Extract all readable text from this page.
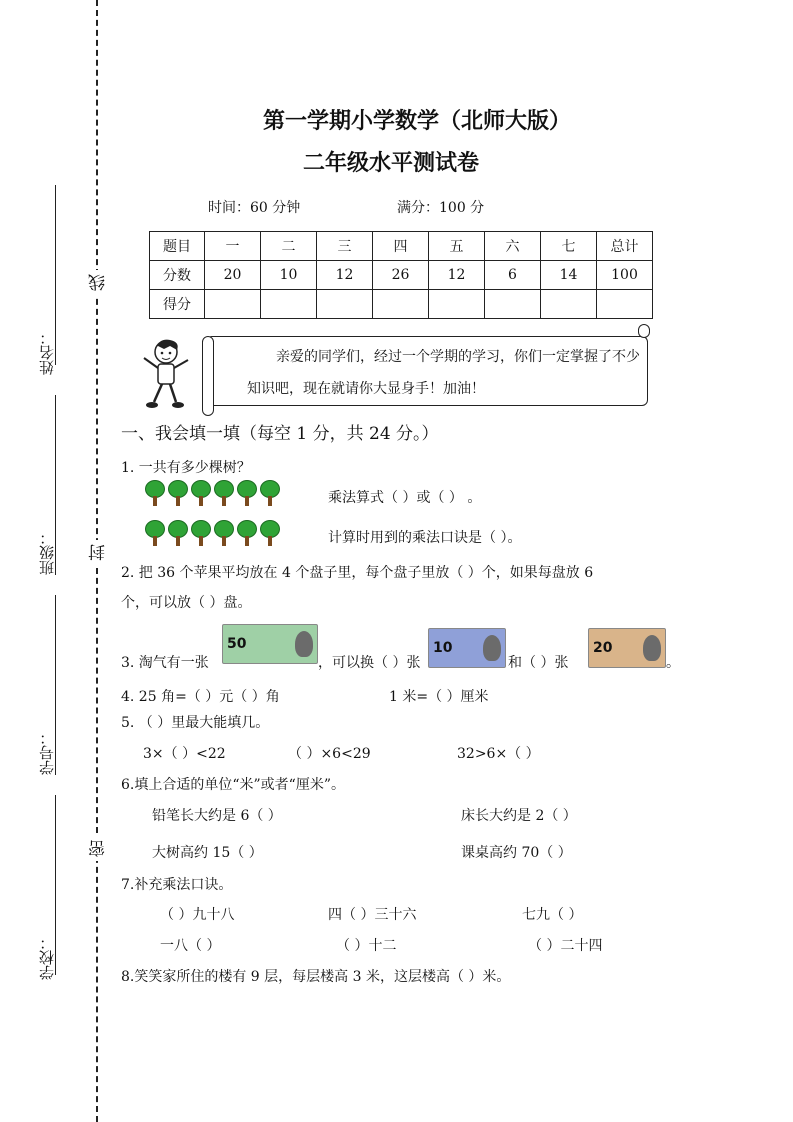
姓名：
班级：
学号：
学校：
线
封
密
第一学期小学数学（北师大版）
二年级水平测试卷
时间：60 分钟	满分：100 分
题目	一	二	三	四	五	六	七	总计
分数	20	10	12	26	12	6	14	100
得分								
亲爱的同学们，经过一个学期的学习，你们一定掌握了不少
知识吧，现在就请你大显身手！加油！
一、我会填一填（每空 1 分，共 24 分。）
1. 一共有多少棵树？
乘法算式（ ）或（ ） 。
计算时用到的乘法口诀是（ ）。
2. 把 36 个苹果平均放在 4 个盘子里，每个盘子里放（ ）个，如果每盘放 6
个，可以放（ ）盘。
3. 淘气有一张
50
，可以换（ ）张
10
和（ ）张
20
。
4. 25 角=（ ）元（ ）角	1 米=（ ）厘米
5. （ ）里最大能填几。
3×（ ）<22	（ ）×6<29	32>6×（ ）
6.填上合适的单位“米”或者“厘米”。
铅笔长大约是 6（ ）	床长大约是 2（ ）
大树高约 15（ ）	课桌高约 70（ ）
7.补充乘法口诀。
（ ）九十八	四（ ）三十六	七九（ ）
一八（ ）	（ ）十二	（ ）二十四
8.笑笑家所住的楼有 9 层，每层楼高 3 米，这层楼高（ ）米。
